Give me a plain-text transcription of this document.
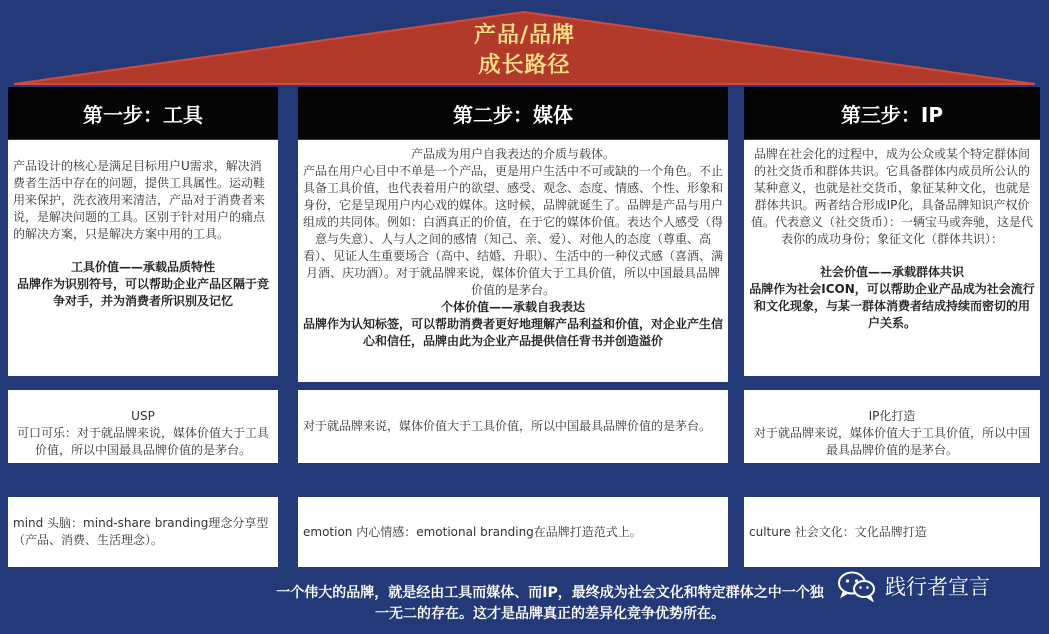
产品/品牌
成长路径
第一步：工具

产品设计的核心是满足目标用户U需求，解决消费者生活中存在的问题，提供工具属性。运动鞋用来保护，洗衣液用来清洁，产品对于消费者来说，是解决问题的工具。区别于针对用户的痛点的解决方案，只是解决方案中用的工具。

工具价值——承载品质特性

品牌作为识别符号，可以帮助企业产品区隔于竞争对手，并为消费者所识别及记忆

USP
可口可乐：对于就品牌来说，媒体价值大于工具价值，所以中国最具品牌价值的是茅台。
mind 头脑：mind-share branding理念分享型（产品、消费、生活理念）。
第二步：媒体

产品成为用户自我表达的介质与载体。

产品在用户心目中不单是一个产品，更是用户生活中不可或缺的一个角色。不止具备工具价值，也代表着用户的欲望、感受、观念、态度、情感、个性、形象和身份，它是呈现用户内心戏的媒体。这时候，品牌就诞生了。品牌是产品与用户组成的共同体。例如：白酒真正的价值，在于它的媒体价值。表达个人感受（得意与失意）、人与人之间的感情（知己、亲、爱）、对他人的态度（尊重、高看）、见证人生重要场合（高中、结婚、升职）、生活中的一种仪式感（喜酒、满月酒、庆功酒）。对于就品牌来说，媒体价值大于工具价值，所以中国最具品牌价值的是茅台。

个体价值——承载自我表达

品牌作为认知标签，可以帮助消费者更好地理解产品利益和价值，对企业产生信心和信任，品牌由此为企业产品提供信任背书并创造溢价

对于就品牌来说，媒体价值大于工具价值，所以中国最具品牌价值的是茅台。
emotion 内心情感：emotional branding在品牌打造范式上。
第三步：IP

品牌在社会化的过程中，成为公众或某个特定群体间的社交货币和群体共识。它具备群体内成员所公认的某种意义，也就是社交货币，象征某种文化，也就是群体共识。两者结合形成IP化，具备品牌知识产权价值。代表意义（社交货币）：一辆宝马或奔驰，这是代表你的成功身份；象征文化（群体共识）：

社会价值——承载群体共识

品牌作为社会ICON，可以帮助企业产品成为社会流行和文化现象，与某一群体消费者结成持续而密切的用户关系。

IP化打造
对于就品牌来说，媒体价值大于工具价值，所以中国最具品牌价值的是茅台。
culture 社会文化：文化品牌打造
一个伟大的品牌，就是经由工具而媒体、而IP，最终成为社会文化和特定群体之中一个独一无二的存在。这才是品牌真正的差异化竞争优势所在。
践行者宣言
